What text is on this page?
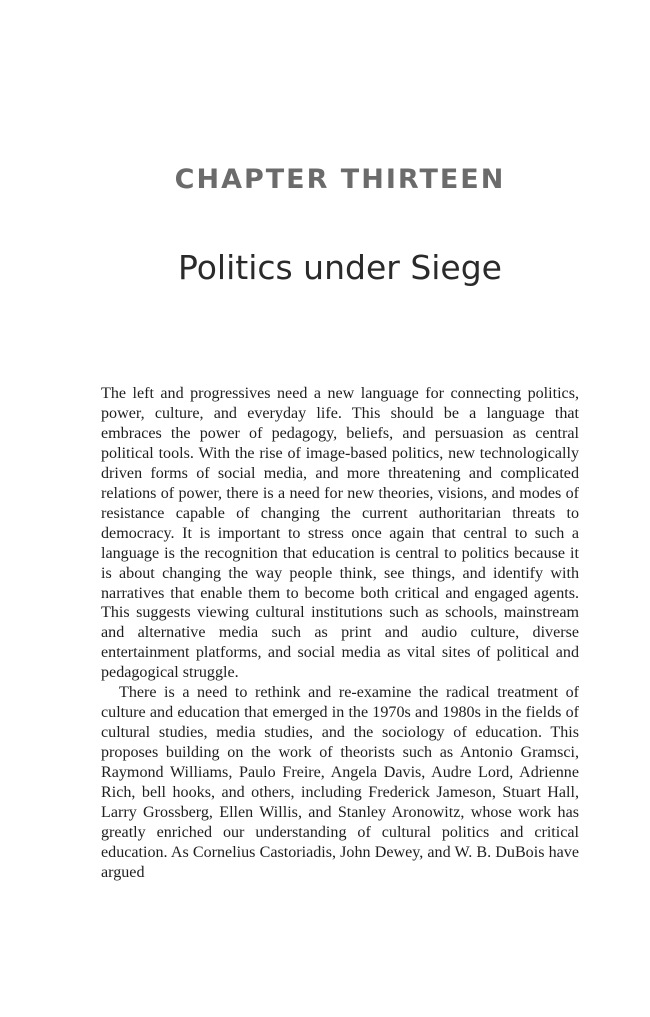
CHAPTER THIRTEEN
Politics under Siege

The left and progressives need a new language for connecting politics, power, culture, and everyday life. This should be a language that embraces the power of pedagogy, beliefs, and persuasion as central political tools. With the rise of image-based politics, new technologically driven forms of social media, and more threatening and complicated relations of power, there is a need for new theories, visions, and modes of resistance capable of changing the current authoritarian threats to democracy. It is important to stress once again that central to such a language is the recognition that education is central to politics because it is about changing the way people think, see things, and identify with narratives that enable them to become both critical and engaged agents. This suggests viewing cultural institutions such as schools, mainstream and alternative media such as print and audio culture, diverse entertainment platforms, and social media as vital sites of political and pedagogical struggle.

There is a need to rethink and re-examine the radical treatment of culture and education that emerged in the 1970s and 1980s in the fields of cultural studies, media studies, and the sociology of education. This proposes building on the work of theorists such as Antonio Gramsci, Raymond Williams, Paulo Freire, Angela Davis, Audre Lord, Adrienne Rich, bell hooks, and others, including Frederick Jameson, Stuart Hall, Larry Grossberg, Ellen Willis, and Stanley Aronowitz, whose work has greatly enriched our understanding of cultural politics and critical education. As Cornelius Castoriadis, John Dewey, and W. B. DuBois have argued
